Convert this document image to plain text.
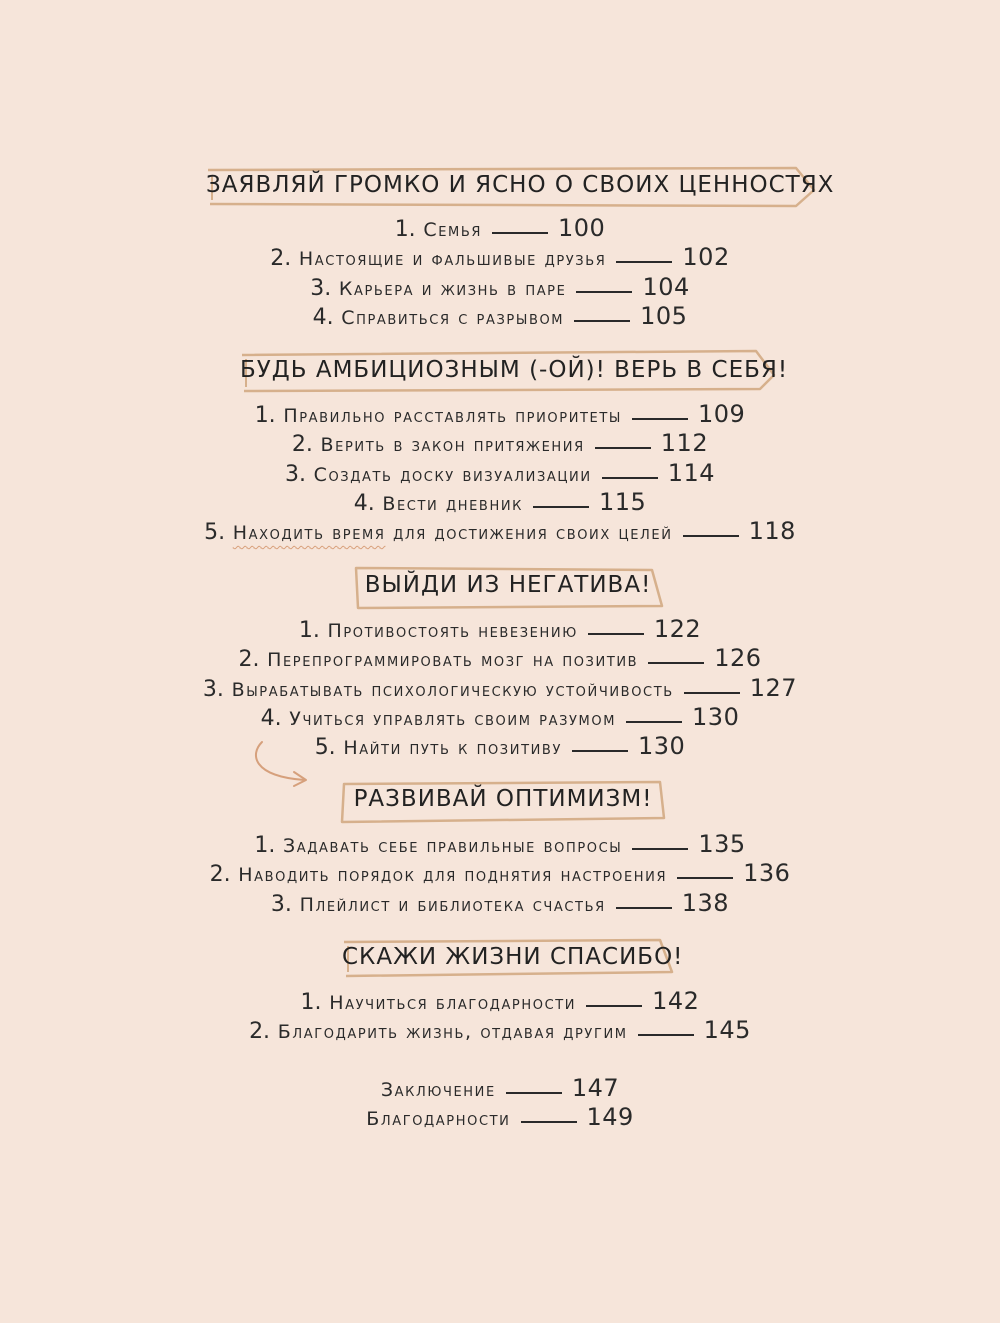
ЗАЯВЛЯЙ ГРОМКО И ЯСНО О СВОИХ ЦЕННОСТЯХ
1. Семья	100
2. Настоящие и фальшивые друзья	102
3. Карьера и жизнь в паре	104
4. Справиться с разрывом	105
БУДЬ АМБИЦИОЗНЫМ (-ОЙ)! ВЕРЬ В СЕБЯ!
1. Правильно расставлять приоритеты	109
2. Верить в закон притяжения	112
3. Создать доску визуализации	114
4. Вести дневник	115
5. Находить время для достижения своих целей	118
ВЫЙДИ ИЗ НЕГАТИВА!
1. Противостоять невезению	122
2. Перепрограммировать мозг на позитив	126
3. Вырабатывать психологическую устойчивость	127
4. Учиться управлять своим разумом	130
5. Найти путь к позитиву	130
РАЗВИВАЙ ОПТИМИЗМ!
1. Задавать себе правильные вопросы	135
2. Наводить порядок для поднятия настроения	136
3. Плейлист и библиотека счастья	138
СКАЖИ ЖИЗНИ СПАСИБО!
1. Научиться благодарности	142
2. Благодарить жизнь, отдавая другим	145
Заключение	147
Благодарности	149
